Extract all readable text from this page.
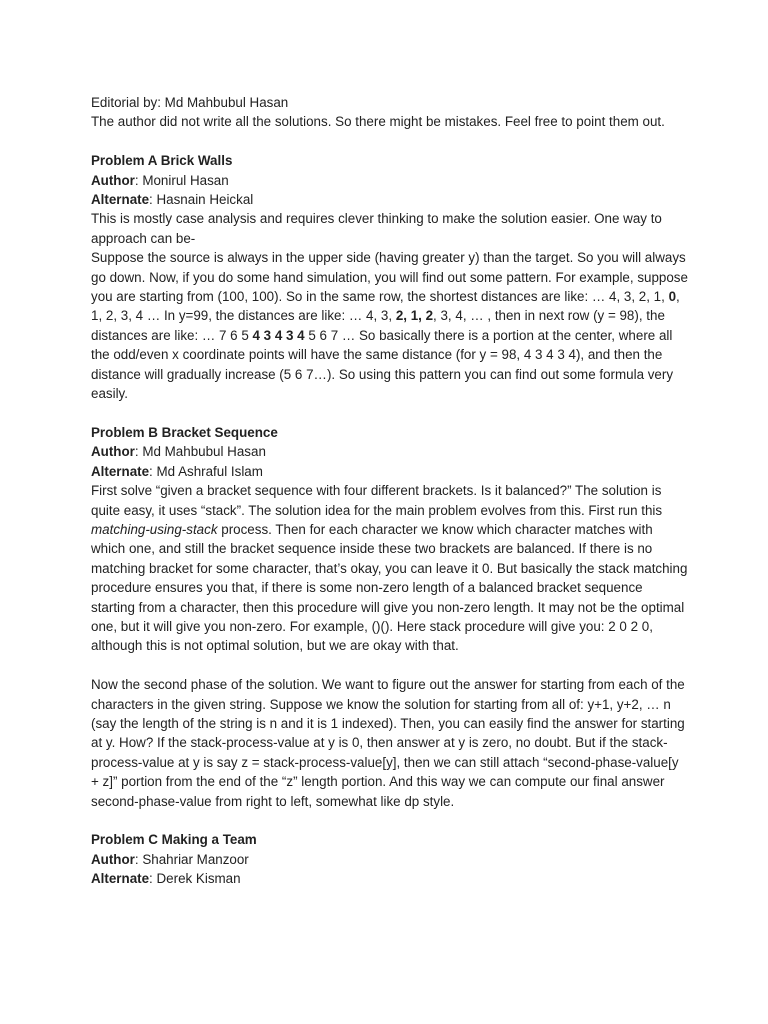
Editorial by: Md Mahbubul Hasan

The author did not write all the solutions. So there might be mistakes. Feel free to point them out.

Problem A Brick Walls

Author: Monirul Hasan

Alternate: Hasnain Heickal

This is mostly case analysis and requires clever thinking to make the solution easier. One way to approach can be-

Suppose the source is always in the upper side (having greater y) than the target. So you will always go down. Now, if you do some hand simulation, you will find out some pattern. For example, suppose you are starting from (100, 100). So in the same row, the shortest distances are like: … 4, 3, 2, 1, 0, 1, 2, 3, 4 … In y=99, the distances are like: … 4, 3, 2, 1, 2, 3, 4, … , then in next row (y = 98), the distances are like: … 7 6 5 4 3 4 3 4 5 6 7 … So basically there is a portion at the center, where all the odd/even x coordinate points will have the same distance (for y = 98, 4 3 4 3 4), and then the distance will gradually increase (5 6 7…). So using this pattern you can find out some formula very easily.

Problem B Bracket Sequence

Author: Md Mahbubul Hasan

Alternate: Md Ashraful Islam

First solve “given a bracket sequence with four different brackets. Is it balanced?” The solution is quite easy, it uses “stack”. The solution idea for the main problem evolves from this. First run this matching-using-stack process. Then for each character we know which character matches with which one, and still the bracket sequence inside these two brackets are balanced. If there is no matching bracket for some character, that’s okay, you can leave it 0. But basically the stack matching procedure ensures you that, if there is some non-zero length of a balanced bracket sequence starting from a character, then this procedure will give you non-zero length. It may not be the optimal one, but it will give you non-zero. For example, ()(). Here stack procedure will give you: 2 0 2 0, although this is not optimal solution, but we are okay with that.

Now the second phase of the solution. We want to figure out the answer for starting from each of the characters in the given string. Suppose we know the solution for starting from all of: y+1, y+2, … n (say the length of the string is n and it is 1 indexed). Then, you can easily find the answer for starting at y. How? If the stack-process-value at y is 0, then answer at y is zero, no doubt. But if the stack-process-value at y is say z = stack-process-value[y], then we can still attach “second-phase-value[y + z]” portion from the end of the “z” length portion. And this way we can compute our final answer second-phase-value from right to left, somewhat like dp style.

Problem C Making a Team

Author: Shahriar Manzoor

Alternate: Derek Kisman
